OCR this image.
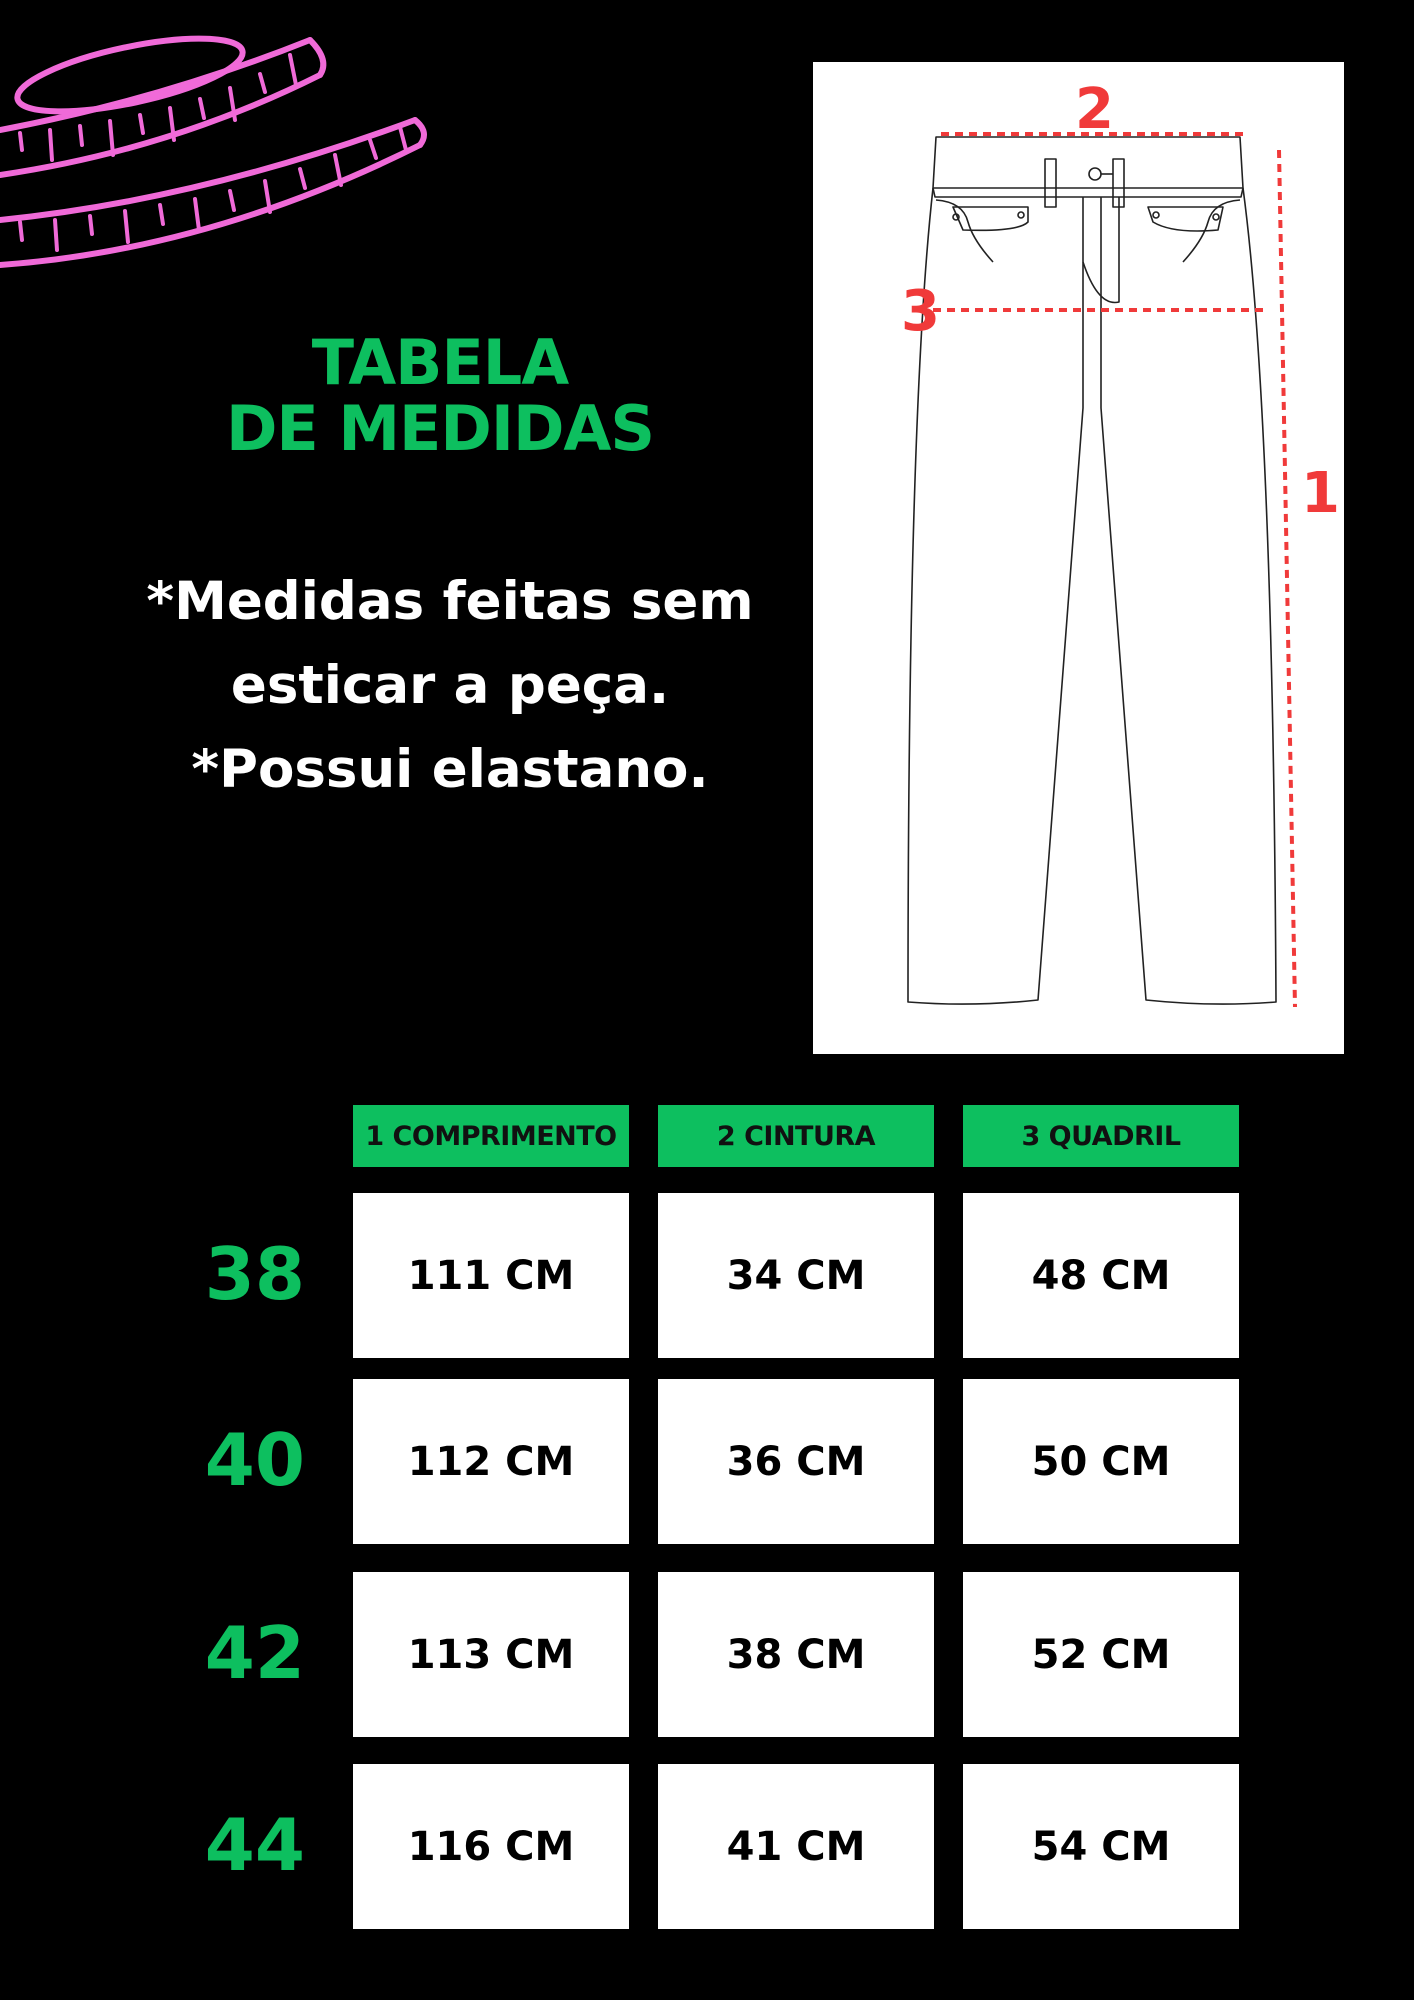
TABELA
DE MEDIDAS
*Medidas feitas sem
esticar a peça.
*Possui elastano.
2
3
1
1 COMPRIMENTO	2 CINTURA	3 QUADRIL
38	111 CM	34 CM	48 CM
40	112 CM	36 CM	50 CM
42	113 CM	38 CM	52 CM
44	116 CM	41 CM	54 CM
